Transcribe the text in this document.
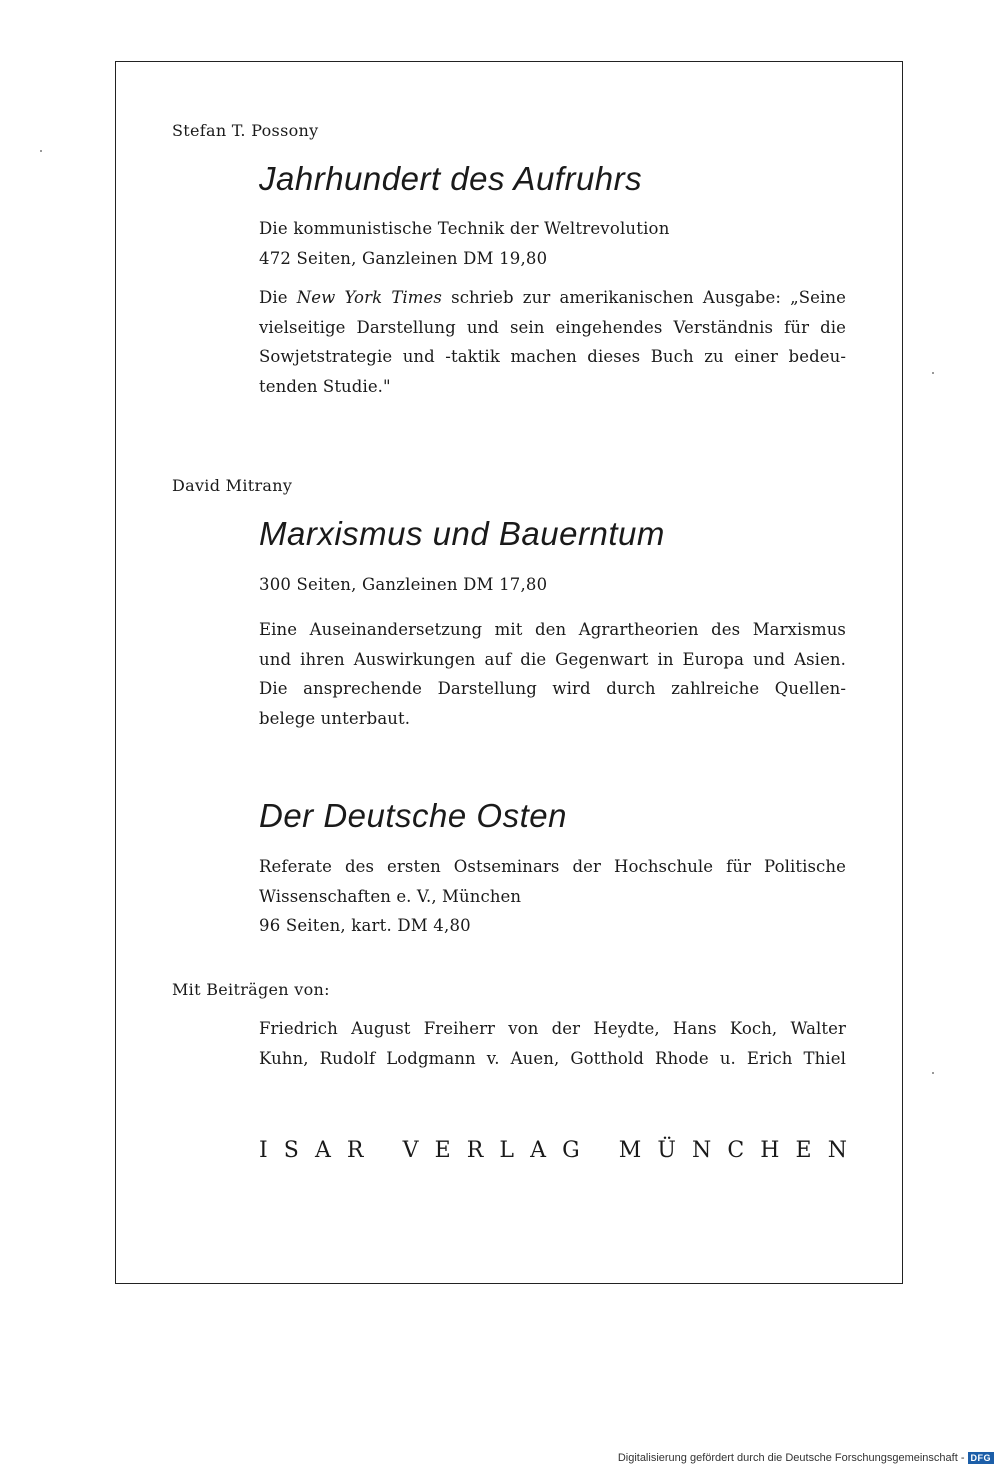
Stefan T. Possony
Jahrhundert des Aufruhrs
Die kommunistische Technik der Weltrevolution
472 Seiten, Ganzleinen DM 19,80
Die New York Times schrieb zur amerikanischen Ausgabe: „Seine
vielseitige Darstellung und sein eingehendes Verständnis für die
Sowjetstrategie und -taktik machen dieses Buch zu einer bedeu-
tenden Studie."
David Mitrany
Marxismus und Bauerntum
300 Seiten, Ganzleinen DM 17,80
Eine Auseinandersetzung mit den Agrartheorien des Marxismus
und ihren Auswirkungen auf die Gegenwart in Europa und Asien.
Die ansprechende Darstellung wird durch zahlreiche Quellen-
belege unterbaut.
Der Deutsche Osten
Referate des ersten Ostseminars der Hochschule für Politische
Wissenschaften e. V., München
96 Seiten, kart. DM 4,80
Mit Beiträgen von:
Friedrich August Freiherr von der Heydte, Hans Koch, Walter
Kuhn, Rudolf Lodgmann v. Auen, Gotthold Rhode u. Erich Thiel
I S A R
V E R L A G
M Ü N C H E N
Digitalisierung gefördert durch die Deutsche Forschungsgemeinschaft - DFG
